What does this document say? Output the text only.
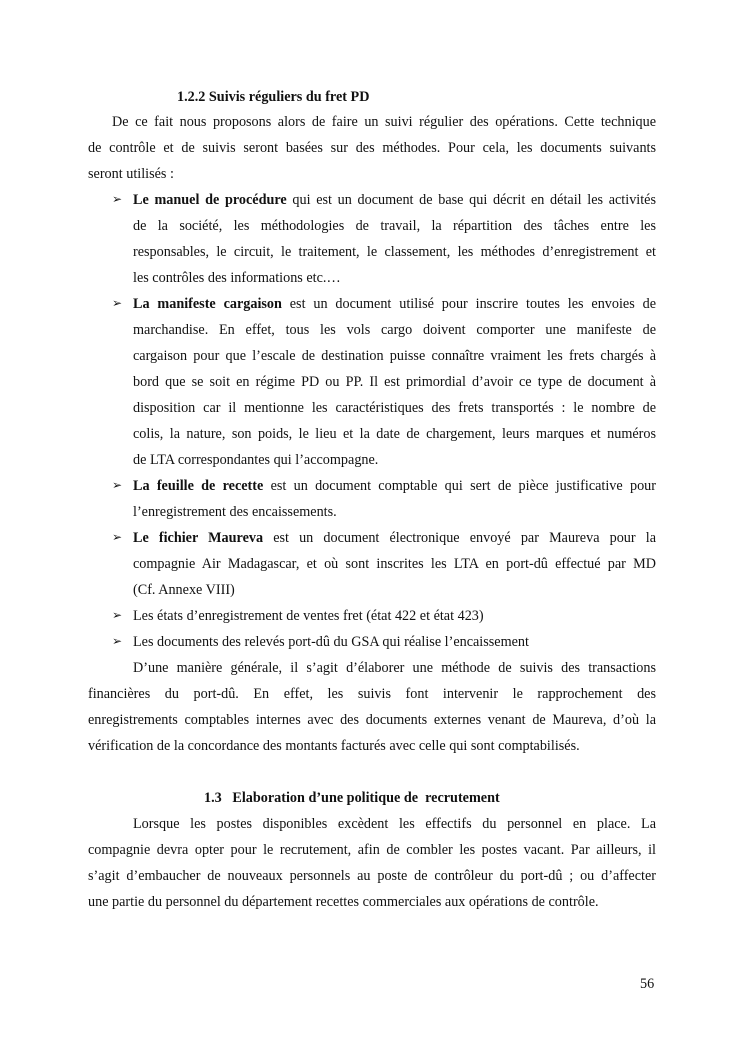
1.2.2 Suivis réguliers du fret PD
De ce fait nous proposons alors de faire un suivi régulier des opérations. Cette technique
de contrôle et de suivis seront basées sur des méthodes. Pour cela, les documents suivants
seront utilisés :
➢ Le manuel de procédure qui est un document de base qui décrit en détail les activités
de la société, les méthodologies de travail, la répartition des tâches entre les
responsables, le circuit, le traitement, le classement, les méthodes d’enregistrement et
les contrôles des informations etc.…
➢ La manifeste cargaison est un document utilisé pour inscrire toutes les envoies de
marchandise. En effet, tous les vols cargo doivent comporter une manifeste de
cargaison pour que l’escale de destination puisse connaître vraiment les frets chargés à
bord que se soit en régime PD ou PP. Il est primordial d’avoir ce type de document à
disposition car il mentionne les caractéristiques des frets transportés : le nombre de
colis, la nature, son poids, le lieu et la date de chargement, leurs marques et numéros
de LTA correspondantes qui l’accompagne.
➢ La feuille de recette est un document comptable qui sert de pièce justificative pour
l’enregistrement des encaissements.
➢ Le fichier Maureva est un document électronique envoyé par Maureva pour la
compagnie Air Madagascar, et où sont inscrites les LTA en port-dû effectué par MD
(Cf. Annexe VIII)
➢ Les états d’enregistrement de ventes fret (état 422 et état 423)
➢ Les documents des relevés port-dû du GSA qui réalise l’encaissement
D’une manière générale, il s’agit d’élaborer une méthode de suivis des transactions
financières du port-dû. En effet, les suivis font intervenir le rapprochement des
enregistrements comptables internes avec des documents externes venant de Maureva, d’où la
vérification de la concordance des montants facturés avec celle qui sont comptabilisés.
1.3   Elaboration d’une politique de  recrutement
Lorsque les postes disponibles excèdent les effectifs du personnel en place. La
compagnie devra opter pour le recrutement, afin de combler les postes vacant. Par ailleurs, il
s’agit d’embaucher de nouveaux personnels au poste de contrôleur du port-dû ; ou d’affecter
une partie du personnel du département recettes commerciales aux opérations de contrôle.
56
